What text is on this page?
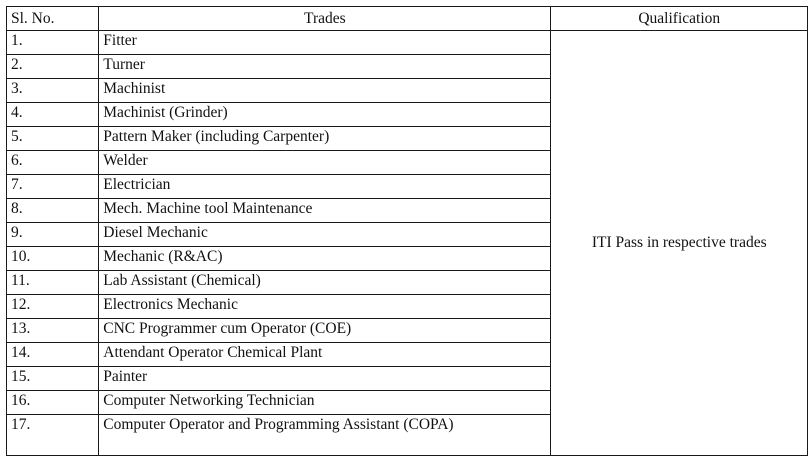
Sl. No.	Trades	Qualification
1.	Fitter	ITI Pass in respective trades
2.	Turner	
3.	Machinist	
4.	Machinist (Grinder)	
5.	Pattern Maker (including Carpenter)	
6.	Welder	
7.	Electrician	
8.	Mech. Machine tool Maintenance	
9.	Diesel Mechanic	
10.	Mechanic (R&AC)	
11.	Lab Assistant (Chemical)	
12.	Electronics Mechanic	
13.	CNC Programmer cum Operator (COE)	
14.	Attendant Operator Chemical Plant	
15.	Painter	
16.	Computer Networking Technician	
17.	Computer Operator and Programming Assistant (COPA)	
